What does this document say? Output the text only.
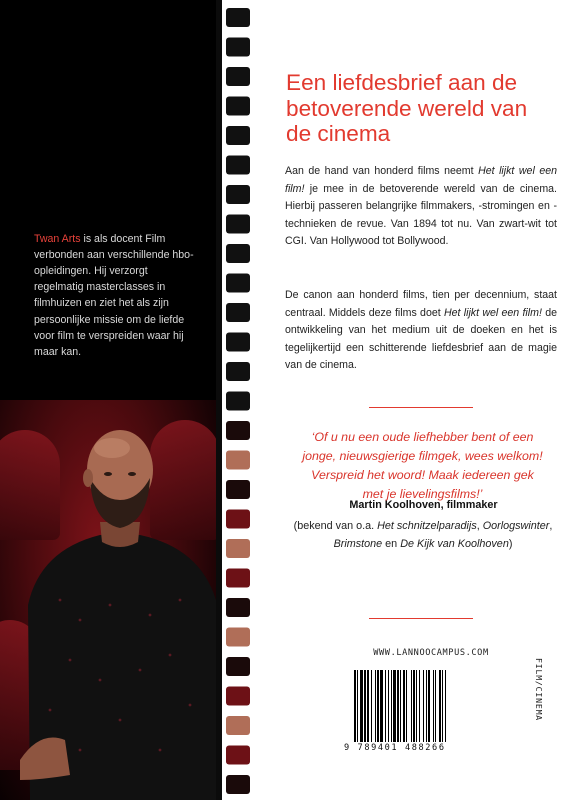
Twan Arts is als docent Film verbonden aan verschillende hbo-opleidingen. Hij verzorgt regelmatig masterclasses in filmhuizen en ziet het als zijn persoonlijke missie om de liefde voor film te verspreiden waar hij maar kan.

Een liefdesbrief aan de betoverende wereld van de cinema

Aan de hand van honderd films neemt Het lijkt wel een film! je mee in de betoverende wereld van de cinema. Hierbij passeren belangrijke filmmakers, -stromingen en -technieken de revue. Van 1894 tot nu. Van zwart-wit tot CGI. Van Hollywood tot Bollywood.

De canon aan honderd films, tien per decennium, staat centraal. Middels deze films doet Het lijkt wel een film! de ontwikkeling van het medium uit de doeken en het is tegelijkertijd een schitterende liefdesbrief aan de magie van de cinema.

‘Of u nu een oude liefhebber bent of een jonge, nieuwsgierige filmgek, wees welkom! Verspreid het woord! Maak iedereen gek met je lievelingsfilms!’

Martin Koolhoven, filmmaker

(bekend van o.a. Het schnitzelparadijs, Oorlogswinter, Brimstone en De Kijk van Koolhoven)

WWW.LANNOOCAMPUS.COM
9 789401 488266
FILM/CINEMA
